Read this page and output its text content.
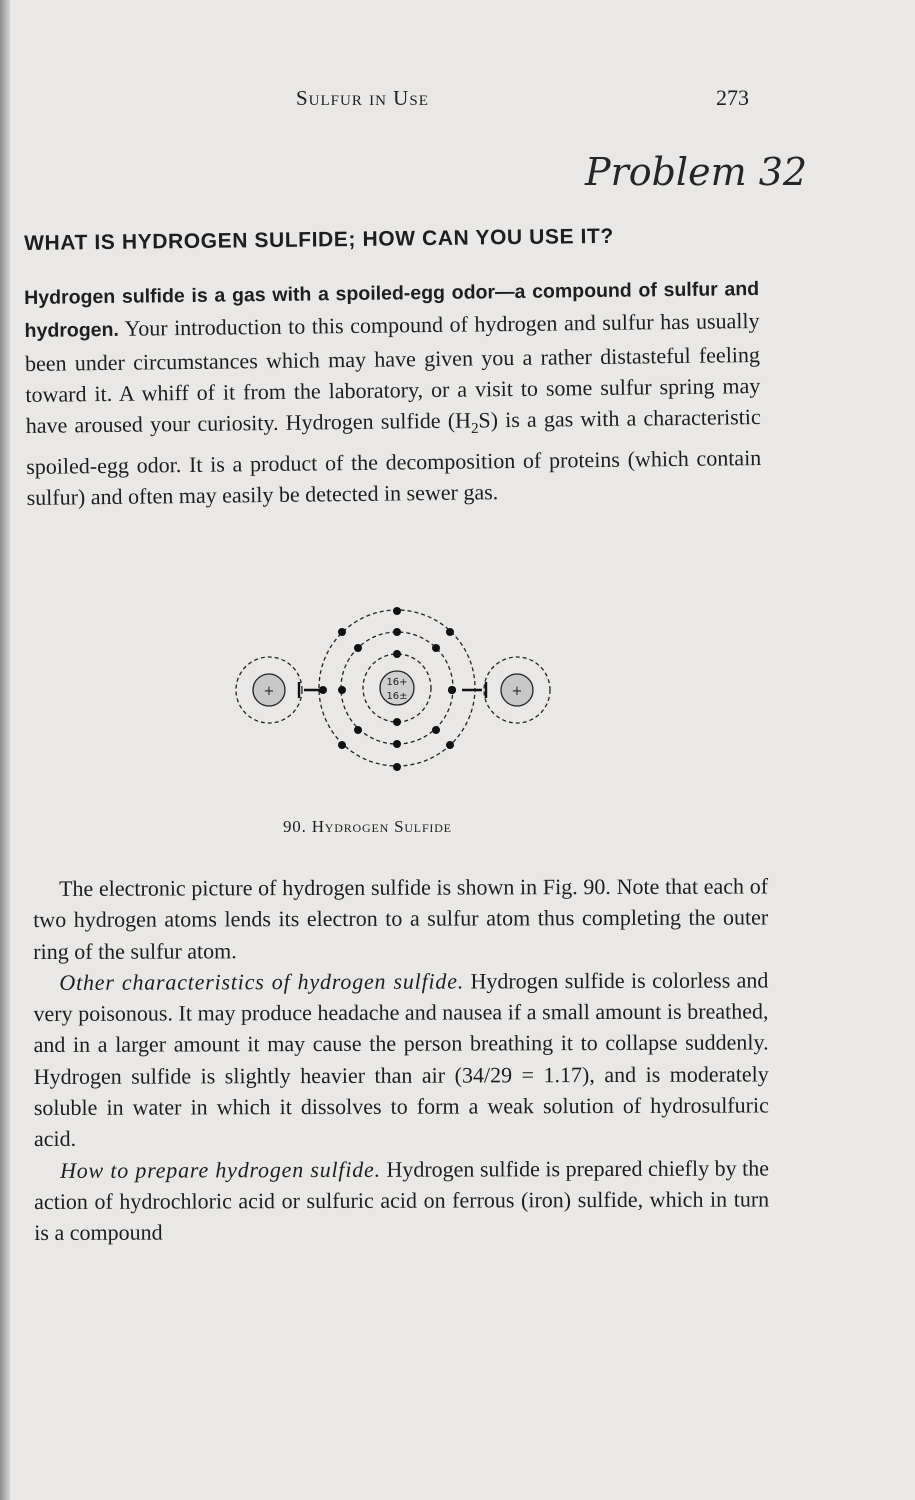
Sulfur in Use	273
Problem 32
WHAT IS HYDROGEN SULFIDE; HOW CAN YOU USE IT?

Hydrogen sulfide is a gas with a spoiled-egg odor—a compound of sulfur and hydrogen. Your introduction to this compound of hydrogen and sulfur has usually been under circumstances which may have given you a rather distasteful feeling toward it. A whiff of it from the laboratory, or a visit to some sulfur spring may have aroused your curiosity. Hydrogen sulfide $(H_2S)$ is a gas with a characteristic spoiled-egg odor. It is a product of the decomposition of proteins (which contain sulfur) and often may easily be detected in sewer gas.

16+
16±
+	+
90. Hydrogen Sulfide

The electronic picture of hydrogen sulfide is shown in Fig. 90. Note that each of two hydrogen atoms lends its electron to a sulfur atom thus completing the outer ring of the sulfur atom.

Other characteristics of hydrogen sulfide. Hydrogen sulfide is colorless and very poisonous. It may produce headache and nausea if a small amount is breathed, and in a larger amount it may cause the person breathing it to collapse suddenly. Hydrogen sulfide is slightly heavier than air (34/29 = 1.17), and is moderately soluble in water in which it dissolves to form a weak solution of hydrosulfuric acid.

How to prepare hydrogen sulfide. Hydrogen sulfide is prepared chiefly by the action of hydrochloric acid or sulfuric acid on ferrous (iron) sulfide, which in turn is a compound
